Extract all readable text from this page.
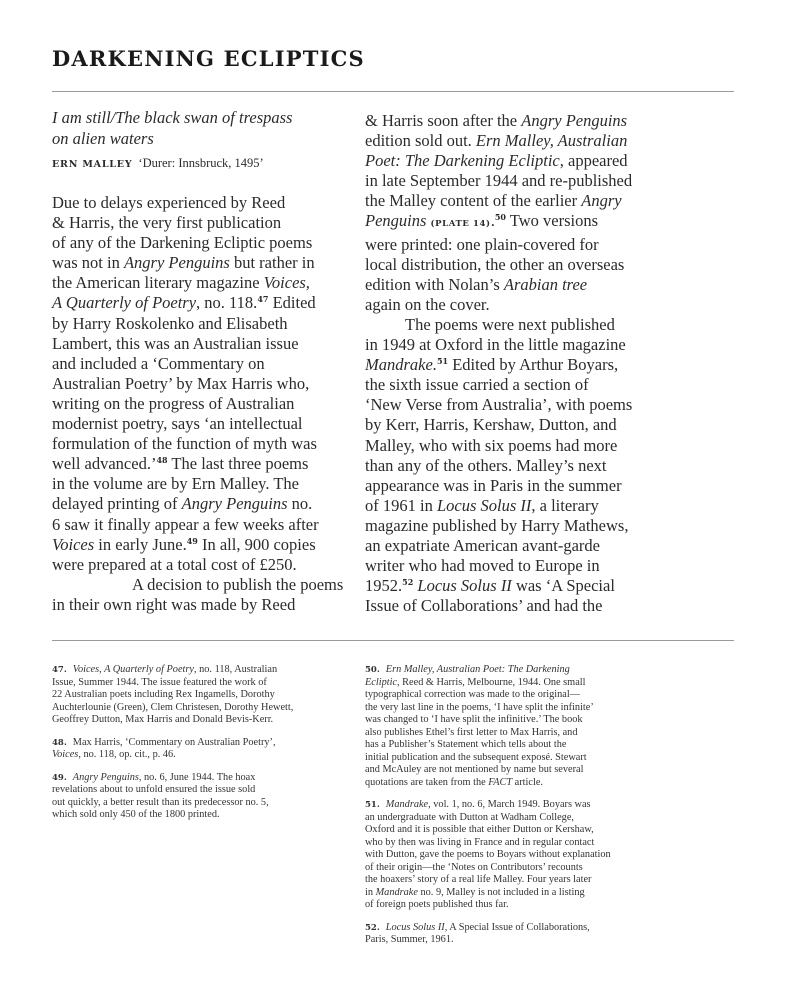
DARKENING ECLIPTICS

I am still/The black swan of trespass
on alien waters

ERN MALLEY ‘Durer: Innsbruck, 1495’

Due to delays experienced by Reed
& Harris, the very first publication
of any of the Darkening Ecliptic poems
was not in Angry Penguins but rather in
the American literary magazine Voices,
A Quarterly of Poetry, no. 118.47 Edited
by Harry Roskolenko and Elisabeth
Lambert, this was an Australian issue
and included a ‘Commentary on
Australian Poetry’ by Max Harris who,
writing on the progress of Australian
modernist poetry, says ‘an intellectual
formulation of the function of myth was
well advanced.’$^{48}$ The last three poems
in the volume are by Ern Malley. The
delayed printing of Angry Penguins no.
6 saw it finally appear a few weeks after
Voices in early June.$^{49}$ In all, 900 copies
were prepared at a total cost of £250.

A decision to publish the poems
in their own right was made by Reed

& Harris soon after the Angry Penguins
edition sold out. Ern Malley, Australian
Poet: The Darkening Ecliptic, appeared
in late September 1944 and re-published
the Malley content of the earlier Angry
Penguins (PLATE 14).$^{50}$ Two versions
were printed: one plain-covered for
local distribution, the other an overseas
edition with Nolan’s Arabian tree
again on the cover.

The poems were next published
in 1949 at Oxford in the little magazine
Mandrake.$^{51}$ Edited by Arthur Boyars,
the sixth issue carried a section of
‘New Verse from Australia’, with poems
by Kerr, Harris, Kershaw, Dutton, and
Malley, who with six poems had more
than any of the others. Malley’s next
appearance was in Paris in the summer
of 1961 in Locus Solus II, a literary
magazine published by Harry Mathews,
an expatriate American avant-garde
writer who had moved to Europe in
1952.52 Locus Solus II was ‘A Special
Issue of Collaborations’ and had the

47. Voices, A Quarterly of Poetry, no. 118, Australian
Issue, Summer 1944. The issue featured the work of
22 Australian poets including Rex Ingamells, Dorothy
Auchterlounie (Green), Clem Christesen, Dorothy Hewett,
Geoffrey Dutton, Max Harris and Donald Bevis-Kerr.

48. Max Harris, ‘Commentary on Australian Poetry’,
Voices, no. 118, op. cit., p. 46.

49. Angry Penguins, no. 6, June 1944. The hoax
revelations about to unfold ensured the issue sold
out quickly, a better result than its predecessor no. 5,
which sold only 450 of the 1800 printed.

50. Ern Malley, Australian Poet: The Darkening
Ecliptic, Reed & Harris, Melbourne, 1944. One small
typographical correction was made to the original—
the very last line in the poems, ‘I have split the infinite’
was changed to ‘I have split the infinitive.’ The book
also publishes Ethel’s first letter to Max Harris, and
has a Publisher’s Statement which tells about the
initial publication and the subsequent exposé. Stewart
and McAuley are not mentioned by name but several
quotations are taken from the FACT article.

51. Mandrake, vol. 1, no. 6, March 1949. Boyars was
an undergraduate with Dutton at Wadham College,
Oxford and it is possible that either Dutton or Kershaw,
who by then was living in France and in regular contact
with Dutton, gave the poems to Boyars without explanation
of their origin—the ‘Notes on Contributors’ recounts
the hoaxers’ story of a real life Malley. Four years later
in Mandrake no. 9, Malley is not included in a listing
of foreign poets published thus far.

52. Locus Solus II, A Special Issue of Collaborations,
Paris, Summer, 1961.
